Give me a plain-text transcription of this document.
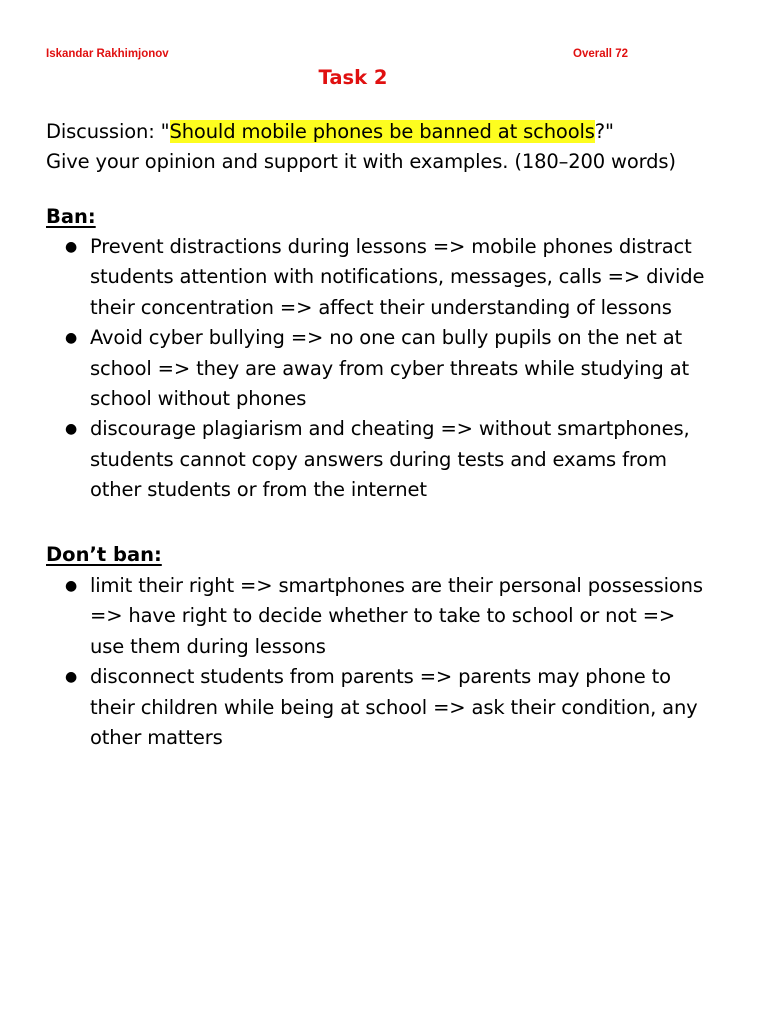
Iskandar Rakhimjonov	Overall 72
Task 2
Discussion: "Should mobile phones be banned at schools?"
Give your opinion and support it with examples. (180–200 words)
Ban:
● Prevent distractions during lessons => mobile phones distract
students attention with notifications, messages, calls => divide
their concentration => affect their understanding of lessons
● Avoid cyber bullying => no one can bully pupils on the net at
school => they are away from cyber threats while studying at
school without phones
● discourage plagiarism and cheating => without smartphones,
students cannot copy answers during tests and exams from
other students or from the internet
Don’t ban:
● limit their right => smartphones are their personal possessions
=> have right to decide whether to take to school or not =>
use them during lessons
● disconnect students from parents => parents may phone to
their children while being at school => ask their condition, any
other matters
